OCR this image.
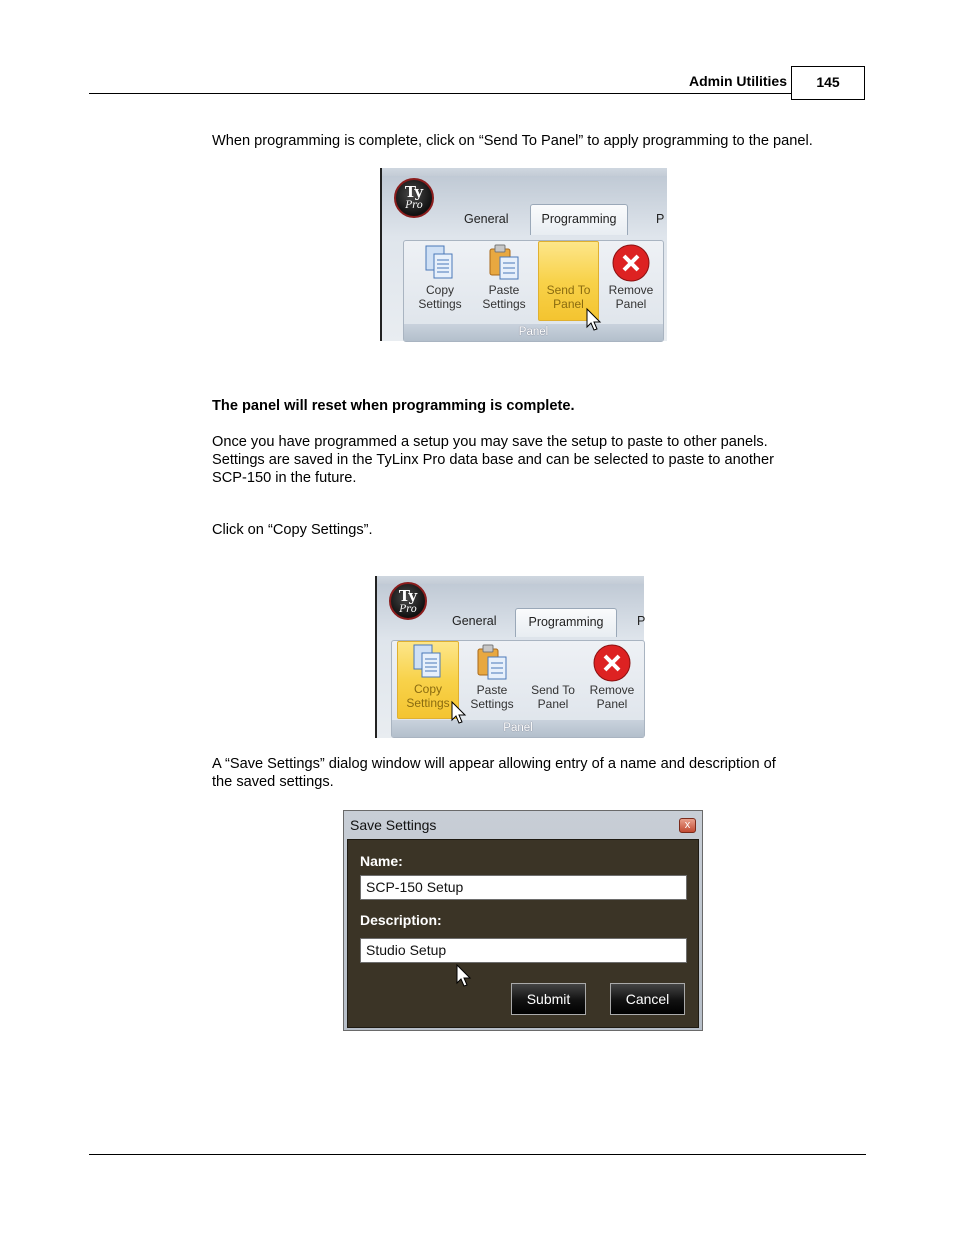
Admin Utilities	145
When programming is complete, click on “Send To Panel” to apply programming to the panel.
Ty
Pro
General	Programming	P
Copy
Settings
Paste
Settings
Send To
Panel
Remove
Panel
Panel
The panel will reset when programming is complete.
Once you have programmed a setup you may save the setup to paste to other panels.
Settings are saved in the TyLinx Pro data base and can be selected to paste to another
SCP-150 in the future.
Click on “Copy Settings”.
Ty
Pro
General	Programming	P
Copy
Settings
Paste
Settings
Send To
Panel
Remove
Panel
Panel
A “Save Settings” dialog window will appear allowing entry of a name and description of
the saved settings.
Save Settings	x
Name:
SCP-150 Setup
Description:
Studio Setup
Submit	Cancel
